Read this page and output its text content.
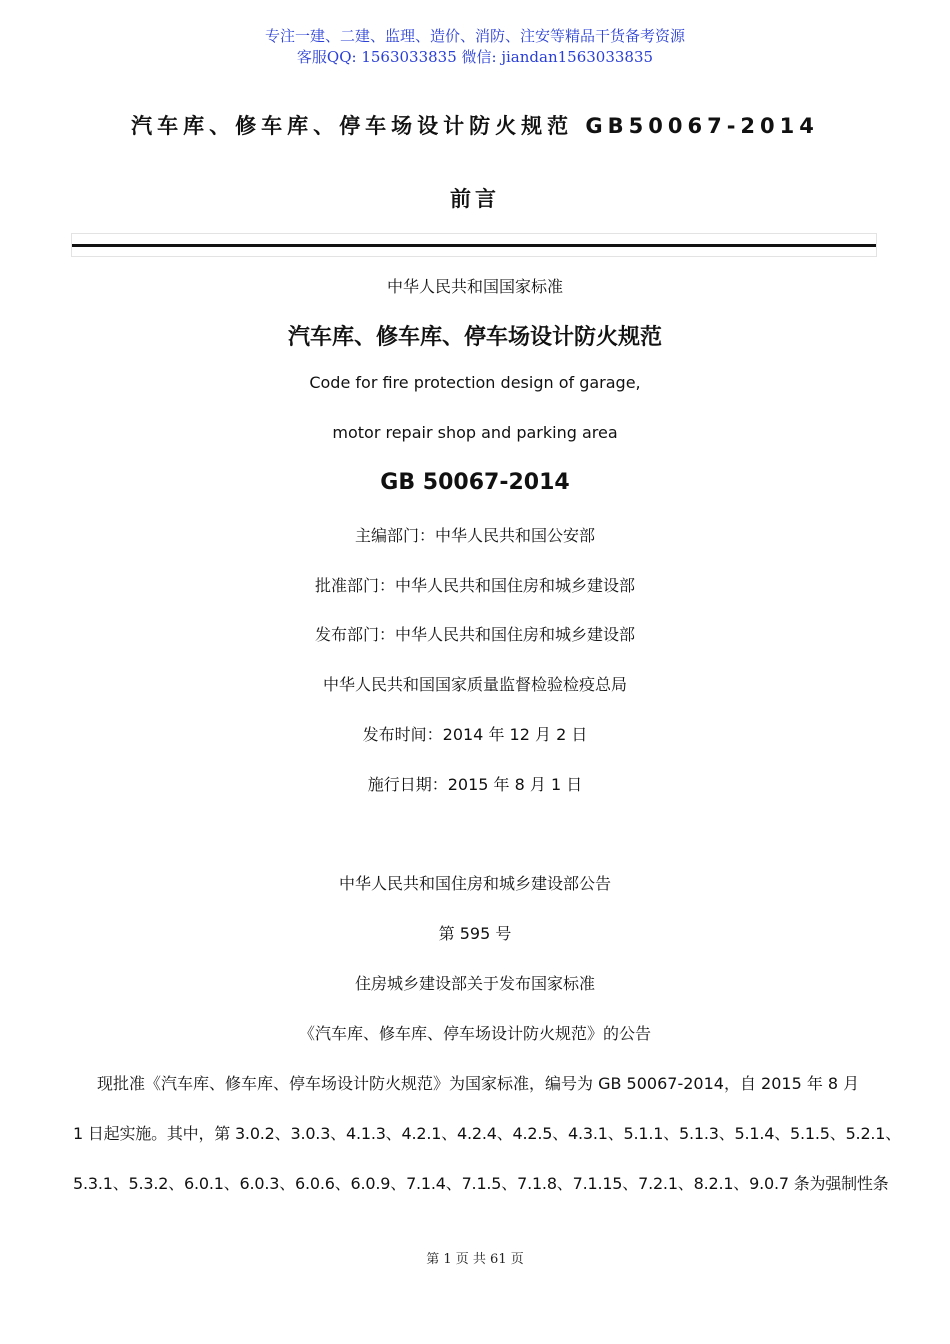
专注一建、二建、监理、造价、消防、注安等精品干货备考资源
客服QQ: 1563033835 微信: jiandan1563033835
汽车库、修车库、停车场设计防火规范 GB50067-2014
前言
中华人民共和国国家标准
汽车库、修车库、停车场设计防火规范
Code for fire protection design of garage,
motor repair shop and parking area
GB 50067-2014
主编部门：中华人民共和国公安部
批准部门：中华人民共和国住房和城乡建设部
发布部门：中华人民共和国住房和城乡建设部
中华人民共和国国家质量监督检验检疫总局
发布时间：2014 年 12 月 2 日
施行日期：2015 年 8 月 1 日
中华人民共和国住房和城乡建设部公告
第 595 号
住房城乡建设部关于发布国家标准
《汽车库、修车库、停车场设计防火规范》的公告
现批准《汽车库、修车库、停车场设计防火规范》为国家标准，编号为 GB 50067-2014，自 2015 年 8 月
1 日起实施。其中，第 3.0.2、3.0.3、4.1.3、4.2.1、4.2.4、4.2.5、4.3.1、5.1.1、5.1.3、5.1.4、5.1.5、5.2.1、
5.3.1、5.3.2、6.0.1、6.0.3、6.0.6、6.0.9、7.1.4、7.1.5、7.1.8、7.1.15、7.2.1、8.2.1、9.0.7 条为强制性条
第 1 页 共 61 页
